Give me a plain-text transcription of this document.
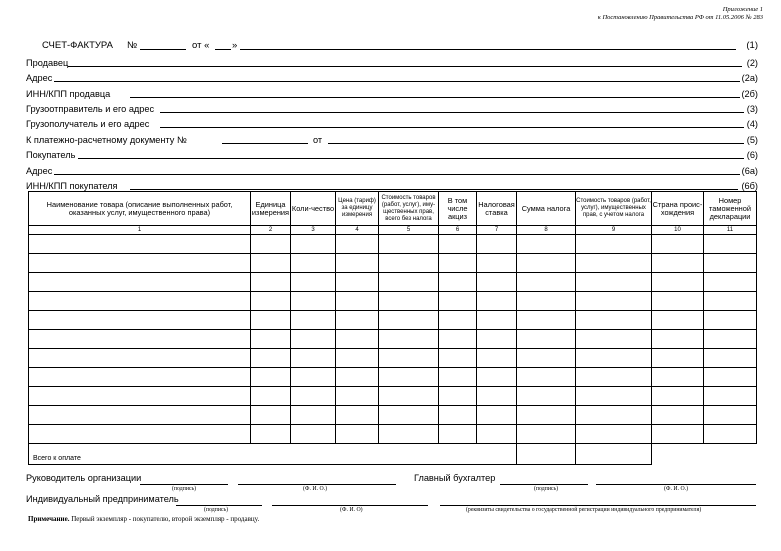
Приложение 1
к Постановлению Правительства РФ от 11.05.2006 № 283
СЧЕТ-ФАКТУРА №	от « »	(1)
Продавец	(2)
Адрес	(2а)
ИНН/КПП продавца	(2б)
Грузоотправитель и его адрес	(3)
Грузополучатель и его адрес	(4)
К платежно-расчетному документу №	от	(5)
Покупатель	(6)
Адрес	(6а)
ИНН/КПП покупателя	(6б)
Наименование товара (описание выполненных работ, оказанных услуг, имущественного права)	Единица измерения	Коли-чество	Цена (тариф) за единицу измерения	Стоимость товаров (работ, услуг), иму-щественных прав, всего без налога	В том числе акциз	Налоговая ставка	Сумма налога	Стоимость товаров (работ, услуг), имущественных прав, с учетом налога	Страна проис-хождения	Номер таможенной декларации
1	2	3	4	5	6	7	8	9	10	11

Всего к оплате										
Руководитель организации
(подпись)	(Ф. И. О.)
Главный бухгалтер
(подпись)	(Ф. И. О.)
Индивидуальный предприниматель
(подпись)	(Ф. И. О)	(реквизиты свидетельства о государственной регистрации индивидуального предпринимателя)
Примечание. Первый экземпляр - покупателю, второй экземпляр - продавцу.
